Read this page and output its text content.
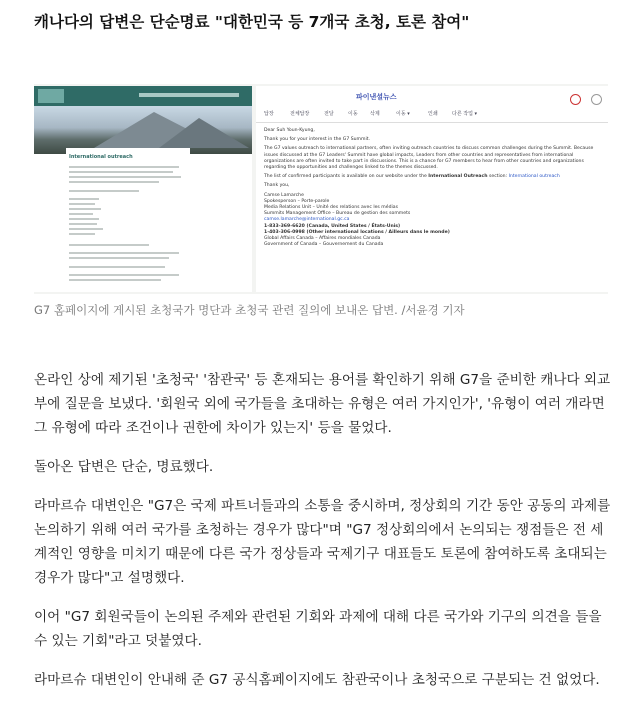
캐나다의 답변은 단순명료 "대한민국 등 7개국 초청, 토론 참여"
International outreach
파이낸셜뉴스
답장	전체답장	전달	이동 삭제	이동 ▾	인쇄	다른 작업 ▾

Dear Suh Youn-Kyung,

Thank you for your interest in the G7 Summit.

The G7 values outreach to international partners, often inviting outreach countries to discuss common challenges during the Summit. Because issues discussed at the G7 Leaders' Summit have global impacts, Leaders from other countries and representatives from international organizations are often invited to take part in discussions. This is a chance for G7 members to hear from other countries and organizations regarding the opportunities and challenges linked to the themes discussed.

The list of confirmed participants is available on our website under the International Outreach section: International outreach

Thank you,

Camse Lamarche
Spokesperson – Porte-parole
Media Relations Unit – Unité des relations avec les médias
Summits Management Office – Bureau de gestion des sommets
camse.lamarche@international.gc.ca
1-833-369-6620 (Canada, United States / États-Unis)
1-403-306-0998 (Other international locations / Ailleurs dans le monde)
Global Affairs Canada – Affaires mondiales Canada
Government of Canada – Gouvernement du Canada
G7 홈페이지에 게시된 초청국가 명단과 초청국 관련 질의에 보내온 답변. /서윤경 기자

온라인 상에 제기된 '초청국' '참관국' 등 혼재되는 용어를 확인하기 위해 G7을 준비한 캐나다 외교부에 질문을 보냈다. '회원국 외에 국가들을 초대하는 유형은 여러 가지인가', '유형이 여러 개라면 그 유형에 따라 조건이나 권한에 차이가 있는지' 등을 물었다.

돌아온 답변은 단순, 명료했다.

라마르슈 대변인은 "G7은 국제 파트너들과의 소통을 중시하며, 정상회의 기간 동안 공동의 과제를 논의하기 위해 여러 국가를 초청하는 경우가 많다"며 "G7 정상회의에서 논의되는 쟁점들은 전 세계적인 영향을 미치기 때문에 다른 국가 정상들과 국제기구 대표들도 토론에 참여하도록 초대되는 경우가 많다"고 설명했다.

이어 "G7 회원국들이 논의된 주제와 관련된 기회와 과제에 대해 다른 국가와 기구의 의견을 들을 수 있는 기회"라고 덧붙였다.

라마르슈 대변인이 안내해 준 G7 공식홈페이지에도 참관국이나 초청국으로 구분되는 건 없었다.
